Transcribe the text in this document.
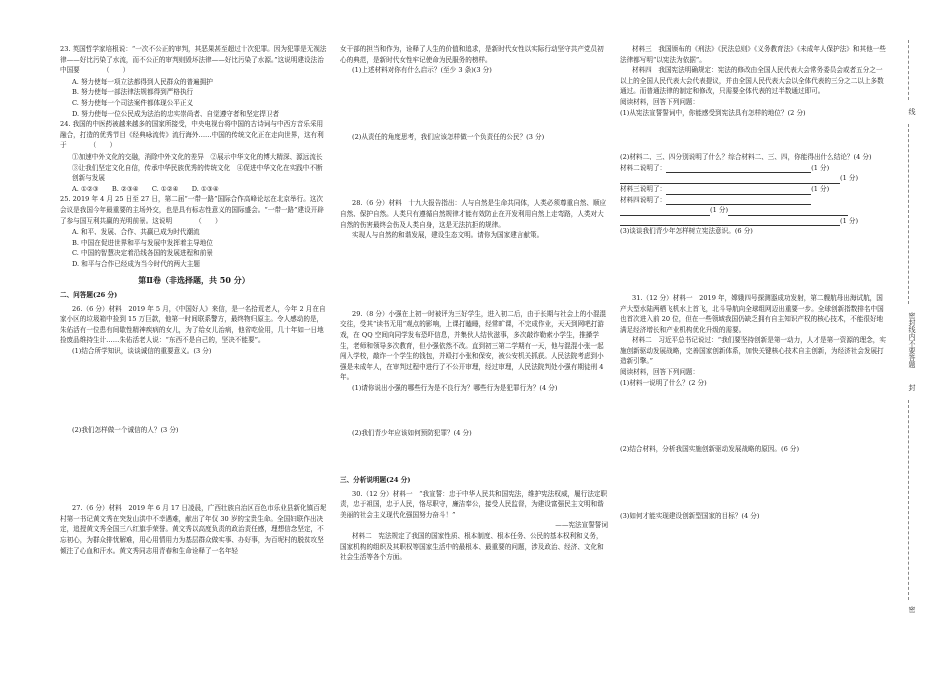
23. 英国哲学家培根说：“一次不公正的审判，其恶果甚至超过十次犯罪。因为犯罪是无视法律——好比污染了水流，而不公正的审判则毁坏法律——好比污染了水源。”这说明建设法治中国要　　　　（　　）

A. 努力使每一项立法都得到人民群众的普遍拥护

B. 努力使每一部法律法规都得到严格执行

C. 努力使每一个司法案件都体现公平正义

D. 努力使每一位公民成为法治的忠实崇尚者、自觉遵守者和坚定捍卫者

24. 我国的中医药被越来越多的国家所接受，中央电视台将中国的古诗词与中西方音乐采用融合，打造的优秀节目《经典咏流传》流行海外……中国的传统文化正在走向世界，这有利于　　　　（　　）

①加速中外文化的交融，消除中外文化的差异　②展示中华文化的博大精深、源远流长　③让我们坚定文化自信，传承中华民族优秀的传统文化　④促进中华文化在实践中不断创新与发展

A. ①②③　　B. ②③④　　C. ①②④　　D. ①③④

25. 2019 年 4 月 25 日至 27 日，第二届“一带一路”国际合作高峰论坛在北京举行。这次会议是我国今年最重要的主场外交，也是具有标志性意义的国际盛会。“一带一路”建设开辟了参与国互利共赢的光明前景。这说明　　　　（　　）

A. 和平、发展、合作、共赢已成为时代潮流

B. 中国在促进世界和平与发展中发挥着主导地位

C. 中国的智慧决定着沿线各国的发展进程和前景

D. 和平与合作已经成为当今时代的两大主题

第Ⅱ卷（非选择题，共 50 分）

二、问答题(26 分)

26.（6 分）材料　2019 年 5 月，《中国好人》来信，是一名拾荒老人，今年 2 月在自家小区的垃圾箱中捡到 15 万巨款，他第一时间联系警方，最终物归原主。令人感动的是，朱佑活有一位患有间歇性精神疾病的女儿，为了给女儿治病，他省吃俭用，几十年如一日地捡废品维持生计……朱佑活老人说：“东西不是自己的，坚决不能要”。

(1)结合所学知识，谈谈诚信的重要意义。(3 分)

(2)我们怎样做一个诚信的人？(3 分)

27.（6 分）材料　2019 年 6 月 17 日凌晨，广西壮族自治区百色市乐业县新化镇百坭村第一书记黄文秀在突发山洪中不幸遇难，献出了年仅 30 岁的宝贵生命。全国妇联作出决定，追授黄文秀全国三八红旗手荣誉。黄文秀以高度负责的政治责任感，理想信念坚定，不忘初心，为群众排忧解难，用心用情用力为基层群众做实事、办好事，为百坭村的脱贫攻坚倾注了心血和汗水。黄文秀同志用青春和生命诠释了一名年轻

女干部的担当和作为，诠释了人生的价值和追求，是新时代女性以实际行动坚守共产党员初心的典范，是新时代女性牢记使命为民服务的榜样。

(1)上述材料对你有什么启示？(至少 3 条)(3 分)

(2)从责任的角度思考，我们应该怎样做一个负责任的公民？(3 分)

28.（6 分）材料　十九大报告指出：人与自然是生命共同体，人类必须尊重自然、顺应自然、保护自然。人类只有遵循自然规律才能有效防止在开发利用自然上走弯路，人类对大自然的伤害最终会伤及人类自身，这是无法抗拒的规律。

实现人与自然的和谐发展，建设生态文明。请你为国家建言献策。

29.（8 分）小强在上初一时被评为三好学生，进入初二后，由于长期与社会上的小混混交往，受其“读书无用”观点的影响，上课打瞌睡，经常旷课，不完成作业，天天到网吧打游戏，在 QQ 空间向同学发布恐吓信息，并集伙人结伙滋事，多次敲诈勒索小学生，推搡学生，老师和领导多次教育，但小强依然不改。直到初三第二学期有一天，他与混混小张一起闯入学校，敲诈一个学生的钱包，并殴打小张和保安，被公安机关抓获。人民法院考虑到小强是未成年人，在审判过程中进行了不公开审理，经过审理，人民法院判处小强有期徒刑 4 年。

(1)请你说出小强的哪些行为是不良行为？哪些行为是犯罪行为？(4 分)

(2)我们青少年应该如何预防犯罪？(4 分)

三、分析说明题(24 分)

30.（12 分）材料一　“我宣誓：忠于中华人民共和国宪法，维护宪法权威，履行法定职责，忠于祖国，忠于人民，恪尽职守，廉洁奉公，接受人民监督，为建设富强民主文明和谐美丽的社会主义现代化强国努力奋斗！”

——宪法宣誓誓词

材料二　宪法规定了我国的国家性质、根本制度、根本任务、公民的基本权利和义务，国家机构的组织及其职权等国家生活中的最根本、最重要的问题，涉及政治、经济、文化和社会生活等各个方面。

材料三　我国颁布的《刑法》《民法总则》《义务教育法》《未成年人保护法》和其他一些法律都写明“以宪法为依据”。

材料四　我国宪法明确规定：宪法的修改由全国人民代表大会常务委员会或者五分之一以上的全国人民代表大会代表提议，并由全国人民代表大会以全体代表的三分之二以上多数通过。而普通法律的制定和修改，只需要全体代表的过半数通过即可。

阅读材料，回答下列问题：

(1)从宪法宣誓誓词中，你能感受到宪法具有怎样的地位？(2 分)

(2)材料二、三、四分别说明了什么？综合材料二、三、四，你能得出什么结论？(4 分)

材料二说明了：	(1 分)

(1 分)

材料三说明了：	(1 分)

材料四说明了：

(1 分)

(1 分)

(3)谈谈我们青少年怎样树立宪法意识。(6 分)

31.（12 分）材料一　2019 年，嫦娥四号探测器成功发射，第二艘航母出海试航，国产大型水陆两栖飞机水上首飞，北斗导航向全球组网迈出重要一步。全球创新指数排名中国也首次进入前 20 位，但在一些领域我国仍缺乏拥有自主知识产权的核心技术，不能很好地满足经济增长和产业机构优化升级的需要。

材料二　习近平总书记说过：“我们要坚持创新是第一动力，人才是第一资源的理念，实施创新驱动发展战略，完善国家创新体系，加快关键核心技术自主创新，为经济社会发展打造新引擎。”

阅读材料，回答下列问题：

(1)材料一说明了什么？(2 分)

(2)结合材料，分析我国实施创新驱动发展战略的原因。(6 分)

(3)如何才能实现建设创新型国家的目标？(4 分)

线
密封线内不要答题
封
密
